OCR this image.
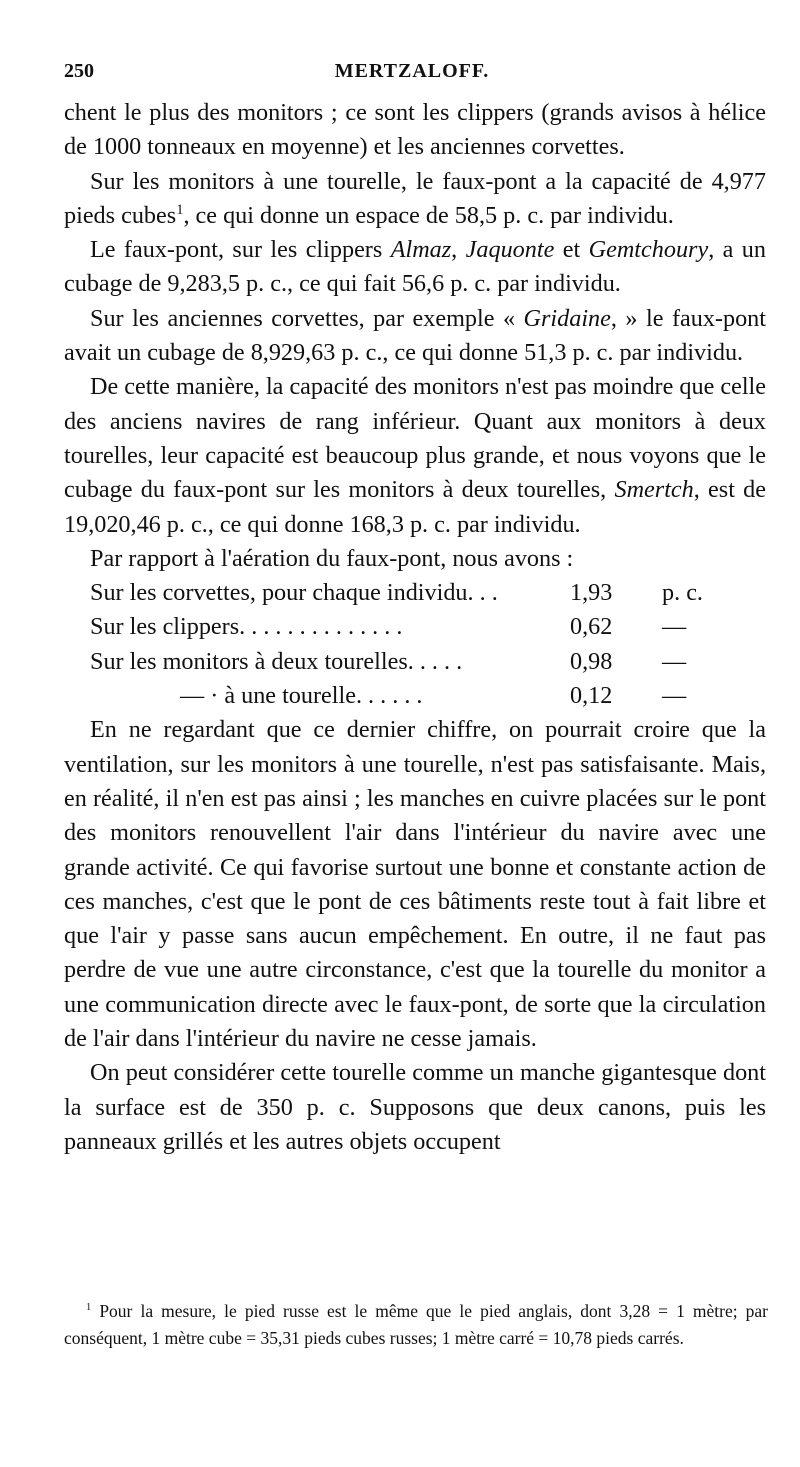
250	MERTZALOFF.

chent le plus des monitors ; ce sont les clippers (grands avisos à hélice de 1000 tonneaux en moyenne) et les anciennes corvettes.

Sur les monitors à une tourelle, le faux-pont a la capacité de 4,977 pieds cubes$^1$, ce qui donne un espace de 58,5 p. c. par individu.

Le faux-pont, sur les clippers Almaz, Jaquonte et Gemtchoury, a un cubage de 9,283,5 p. c., ce qui fait 56,6 p. c. par individu.

Sur les anciennes corvettes, par exemple « Gridaine, » le faux-pont avait un cubage de 8,929,63 p. c., ce qui donne 51,3 p. c. par individu.

De cette manière, la capacité des monitors n'est pas moindre que celle des anciens navires de rang inférieur. Quant aux monitors à deux tourelles, leur capacité est beaucoup plus grande, et nous voyons que le cubage du faux-pont sur les monitors à deux tourelles, Smertch, est de 19,020,46 p. c., ce qui donne 168,3 p. c. par individu.

Par rapport à l'aération du faux-pont, nous avons :

Sur les corvettes, pour chaque individu. . .	1,93	p. c.
Sur les clippers. . . . . . . . . . . . . .	0,62	—
Sur les monitors à deux tourelles. . . . .	0,98	—
— · à une tourelle. . . . . .	0,12	—

En ne regardant que ce dernier chiffre, on pourrait croire que la ventilation, sur les monitors à une tourelle, n'est pas satisfaisante. Mais, en réalité, il n'en est pas ainsi ; les manches en cuivre placées sur le pont des monitors renouvellent l'air dans l'intérieur du navire avec une grande activité. Ce qui favorise surtout une bonne et constante action de ces manches, c'est que le pont de ces bâtiments reste tout à fait libre et que l'air y passe sans aucun empêchement. En outre, il ne faut pas perdre de vue une autre circonstance, c'est que la tourelle du monitor a une communication directe avec le faux-pont, de sorte que la circulation de l'air dans l'intérieur du navire ne cesse jamais.

On peut considérer cette tourelle comme un manche gigantesque dont la surface est de 350 p. c. Supposons que deux canons, puis les panneaux grillés et les autres objets occupent

$^1$ Pour la mesure, le pied russe est le même que le pied anglais, dont 3,28 = 1 mètre; par conséquent, 1 mètre cube = 35,31 pieds cubes russes; 1 mètre carré = 10,78 pieds carrés.
